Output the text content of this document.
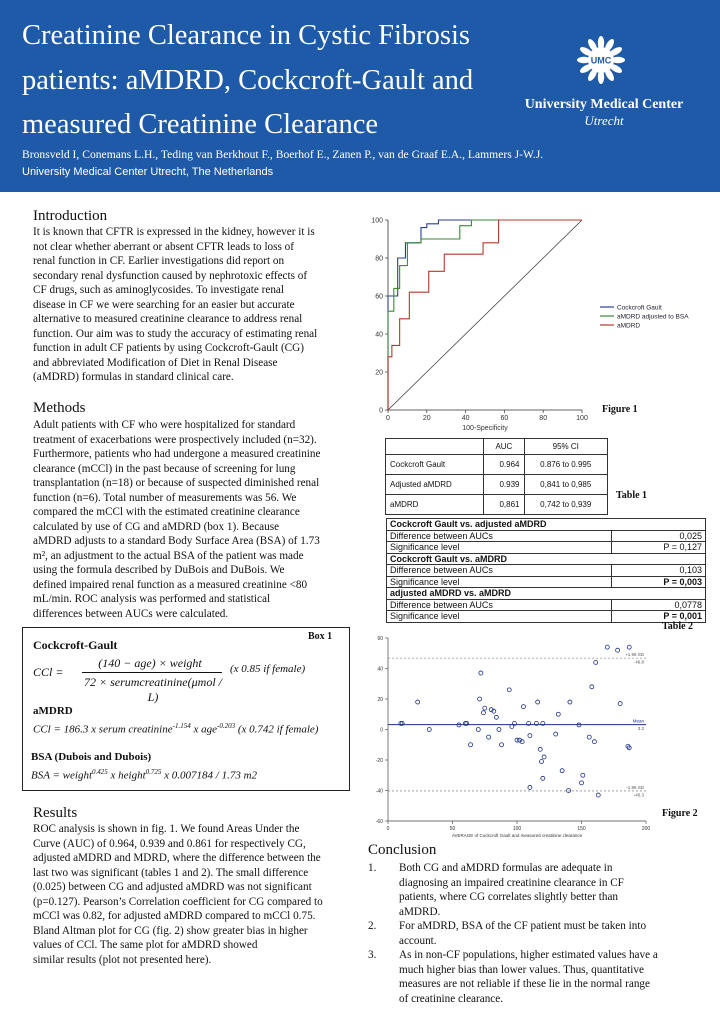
Creatinine Clearance in Cystic Fibrosis
patients: aMDRD, Cockcroft-Gault and
measured Creatinine Clearance
Bronsveld I, Conemans L.H., Teding van Berkhout F., Boerhof E., Zanen P., van de Graaf E.A., Lammers J-W.J.
University Medical Center Utrecht, The Netherlands
UMC
University Medical Center
Utrecht
Introduction
It is known that CFTR is expressed in the kidney, however it is
not clear whether aberrant or absent CFTR leads to loss of
renal function in CF. Earlier investigations did report on
secondary renal dysfunction caused by nephrotoxic effects of
CF drugs, such as aminoglycosides. To investigate renal
disease in CF we were searching for an easier but accurate
alternative to measured creatinine clearance to address renal
function. Our aim was to study the accuracy of estimating renal
function in adult CF patients by using Cockcroft-Gault (CG)
and abbreviated Modification of Diet in Renal Disease
(aMDRD) formulas in standard clinical care.
Methods
Adult patients with CF who were hospitalized for standard
treatment of exacerbations were prospectively included (n=32).
Furthermore, patients who had undergone a measured creatinine
clearance (mCCl) in the past because of screening for lung
transplantation (n=18) or because of suspected diminished renal
function (n=6). Total number of measurements was 56. We
compared the mCCl with the estimated creatinine clearance
calculated by use of CG and aMDRD (box 1). Because
aMDRD adjusts to a standard Body Surface Area (BSA) of 1.73
m², an adjustment to the actual BSA of the patient was made
using the formula described by DuBois and DuBois. We
defined impaired renal function as a measured creatinine <80
mL/min. ROC analysis was performed and statistical
differences between AUCs were calculated.
Box 1
Cockcroft-Gault
CCl =
(140 − age) × weight
72 × serumcreatinine(μmol / L)
(x 0.85 if female)
aMDRD
CCl = 186.3 x serum creatinine$^{-1.154}$ x age$^{-0.203}$ (x 0.742 if female)
BSA (Dubois and Dubois)
BSA = weight$^{0.425}$ x height$^{0.725}$ x 0.007184 / 1.73 m2
Results
ROC analysis is shown in fig. 1. We found Areas Under the
Curve (AUC) of 0.964, 0.939 and 0.861 for respectively CG,
adjusted aMDRD and MDRD, where the difference between the
last two was significant (tables 1 and 2). The small difference
(0.025) between CG and adjusted aMDRD was not significant
(p=0.127). Pearson’s Correlation coefficient for CG compared to
mCCl was 0.82, for adjusted aMDRD compared to mCCl 0.75.
Bland Altman plot for CG (fig. 2) show greater bias in higher
values of CCl. The same plot for aMDRD showed
similar results (plot not presented here).
0
20
40
60
80
100
0	20	40	60	80	100
100-Specificity
Cockcroft Gault
aMDRD adjusted to BSA
aMDRD
Figure 1
	AUC	95% CI
Cockcroft Gault	0.964	0.876 to 0.995
Adjusted aMDRD	0.939	0,841 to 0,985
aMDRD	0,861	0,742 to 0,939
Table 1
Cockcroft Gault vs. adjusted aMDRD	
Difference between AUCs	0,025
Significance level	P = 0,127
Cockcroft Gault vs. aMDRD	
Difference between AUCs	0,103
Significance level	P = 0,003
adjusted aMDRD vs. aMDRD	
Difference between AUCs	0,0778
Significance level	P = 0,001
Table 2
-60
-40
-20
0
20
40
60
0	50	100	150	200
AVERAGE of Cockcroft Gault and measured creatinine clearance
+1.96 SD
46.8
Mean
3.2
-1.96 SD
-40.3
Figure 2
Conclusion
1. Both CG and aMDRD formulas are adequate in
diagnosing an impaired creatinine clearance in CF
patients, where CG correlates slightly better than
aMDRD.
2. For aMDRD, BSA of the CF patient must be taken into
account.
3. As in non-CF populations, higher estimated values have a
much higher bias than lower values. Thus, quantitative
measures are not reliable if these lie in the normal range
of creatinine clearance.
